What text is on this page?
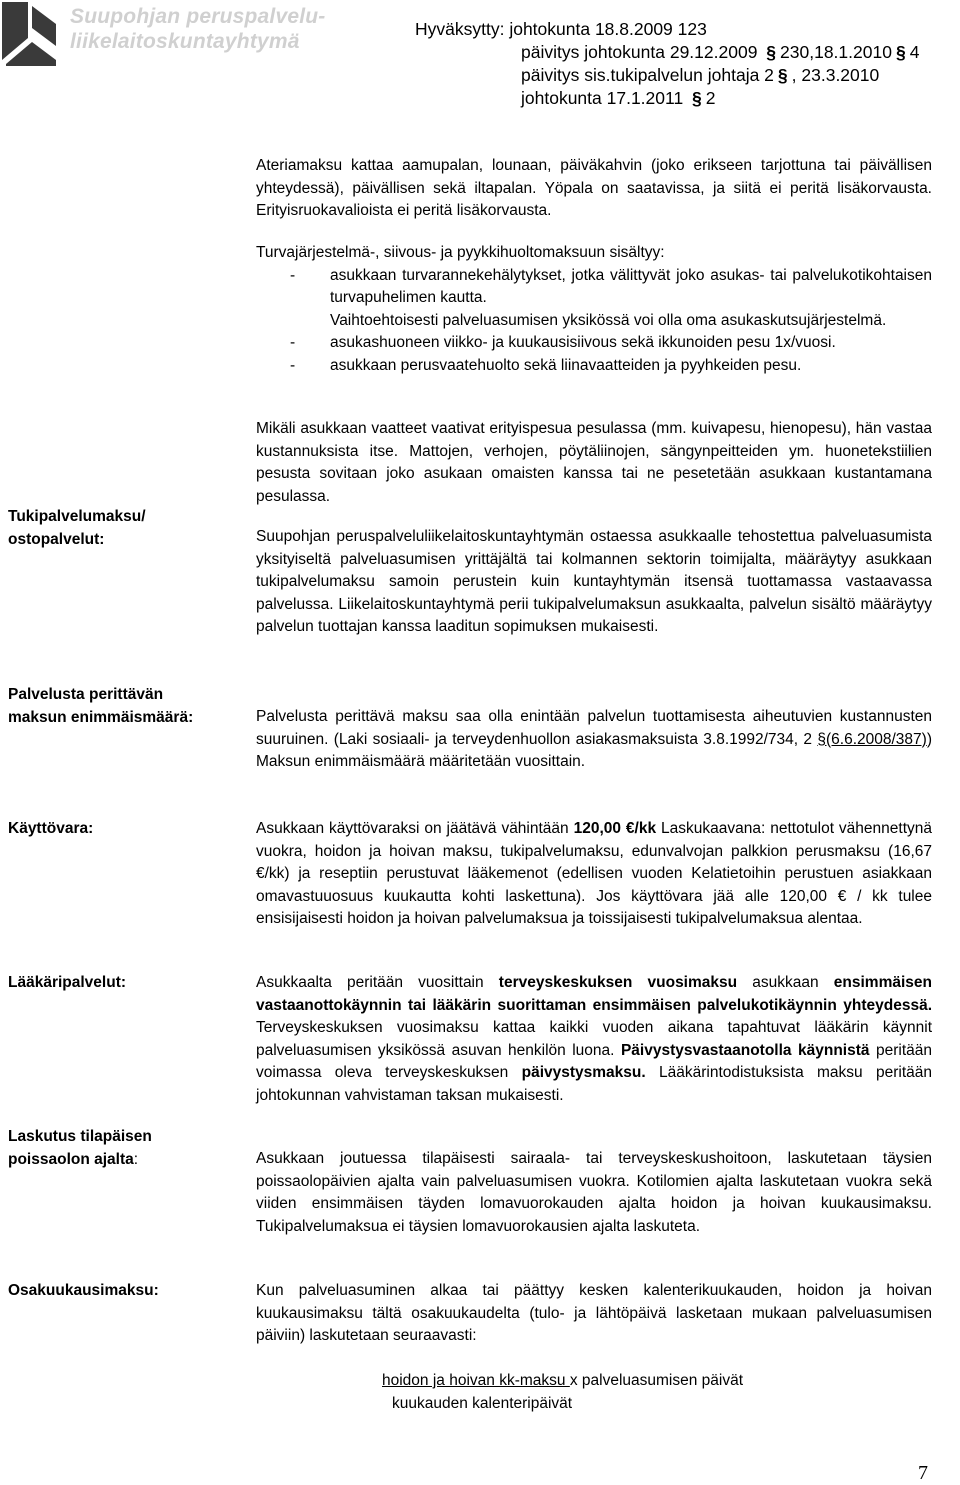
Suupohjan peruspalvelu-
liikelaitoskuntayhtymä
Hyväksytty: johtokunta 18.8.2009 123
päivitys johtokunta 29.12.2009 § 230,18.1.2010 § 4
päivitys sis.tukipalvelun johtaja 2 § , 23.3.2010
johtokunta 17.1.2011 § 2

Ateriamaksu kattaa aamupalan, lounaan, päiväkahvin (joko erikseen tarjottuna tai päivällisen yhteydessä), päivällisen sekä iltapalan. Yöpala on saatavissa, ja siitä ei peritä lisäkorvausta. Erityisruokavalioista ei peritä lisäkorvausta.

Turvajärjestelmä-, siivous- ja pyykkihuoltomaksuun sisältyy:

-	asukkaan turvarannekehälytykset, jotka välittyvät joko asukas- tai palvelukotikohtaisen turvapuhelimen kautta.
Vaihtoehtoisesti palveluasumisen yksikössä voi olla oma asukaskutsujärjestelmä.
-	asukashuoneen viikko- ja kuukausisiivous sekä ikkunoiden pesu 1x/vuosi.
-	asukkaan perusvaatehuolto sekä liinavaatteiden ja pyyhkeiden pesu.

Mikäli asukkaan vaatteet vaativat erityispesua pesulassa (mm. kuivapesu, hienopesu), hän vastaa kustannuksista itse. Mattojen, verhojen, pöytäliinojen, sängynpeitteiden ym. huonetekstiilien pesusta sovitaan joko asukaan omaisten kanssa tai ne pesetetään asukkaan kustantamana pesulassa.

Tukipalvelumaksu/
ostopalvelut:	Suupohjan peruspalveluliikelaitoskuntayhtymän ostaessa asukkaalle tehostettua palveluasumista yksityiseltä palveluasumisen yrittäjältä tai kolmannen sektorin toimijalta, määräytyy asukkaan tukipalvelumaksu samoin perustein kuin kuntayhtymän itsensä tuottamassa vastaavassa palvelussa. Liikelaitoskuntayhtymä perii tukipalvelumaksun asukkaalta, palvelun sisältö määräytyy palvelun tuottajan kanssa laaditun sopimuksen mukaisesti.

Palvelusta perittävän
maksun enimmäismäärä:	Palvelusta perittävä maksu saa olla enintään palvelun tuottamisesta aiheutuvien kustannusten suuruinen. (Laki sosiaali- ja terveydenhuollon asiakasmaksuista 3.8.1992/734, 2 §(6.6.2008/387)) Maksun enimmäismäärä määritetään vuosittain.

Käyttövara:	Asukkaan käyttövaraksi on jäätävä vähintään 120,00 €/kk Laskukaavana: nettotulot vähennettynä vuokra, hoidon ja hoivan maksu, tukipalvelumaksu, edunvalvojan palkkion perusmaksu (16,67 €/kk) ja reseptiin perustuvat lääkemenot (edellisen vuoden Kelatietoihin perustuen asiakkaan omavastuuosuus kuukautta kohti laskettuna). Jos käyttövara jää alle 120,00 € / kk tulee ensisijaisesti hoidon ja hoivan palvelumaksua ja toissijaisesti tukipalvelumaksua alentaa.

Lääkäripalvelut:	Asukkaalta peritään vuosittain terveyskeskuksen vuosimaksu asukkaan ensimmäisen vastaanottokäynnin tai lääkärin suorittaman ensimmäisen palvelukotikäynnin yhteydessä. Terveyskeskuksen vuosimaksu kattaa kaikki vuoden aikana tapahtuvat lääkärin käynnit palveluasumisen yksikössä asuvan henkilön luona. Päivystysvastaanotolla käynnistä peritään voimassa oleva terveyskeskuksen päivystysmaksu. Lääkärintodistuksista maksu peritään johtokunnan vahvistaman taksan mukaisesti.

Laskutus tilapäisen
poissaolon ajalta:	Asukkaan joutuessa tilapäisesti sairaala- tai terveyskeskushoitoon, laskutetaan täysien poissaolopäivien ajalta vain palveluasumisen vuokra. Kotilomien ajalta laskutetaan vuokra sekä viiden ensimmäisen täyden lomavuorokauden ajalta hoidon ja hoivan kuukausimaksu. Tukipalvelumaksua ei täysien lomavuorokausien ajalta laskuteta.

Osakuukausimaksu:	Kun palveluasuminen alkaa tai päättyy kesken kalenterikuukauden, hoidon ja hoivan kuukausimaksu tältä osakuukaudelta (tulo- ja lähtöpäivä lasketaan mukaan palveluasumisen päiviin) laskutetaan seuraavasti:

hoidon ja hoivan kk-maksu x palveluasumisen päivät
kuukauden kalenteripäivät
7
